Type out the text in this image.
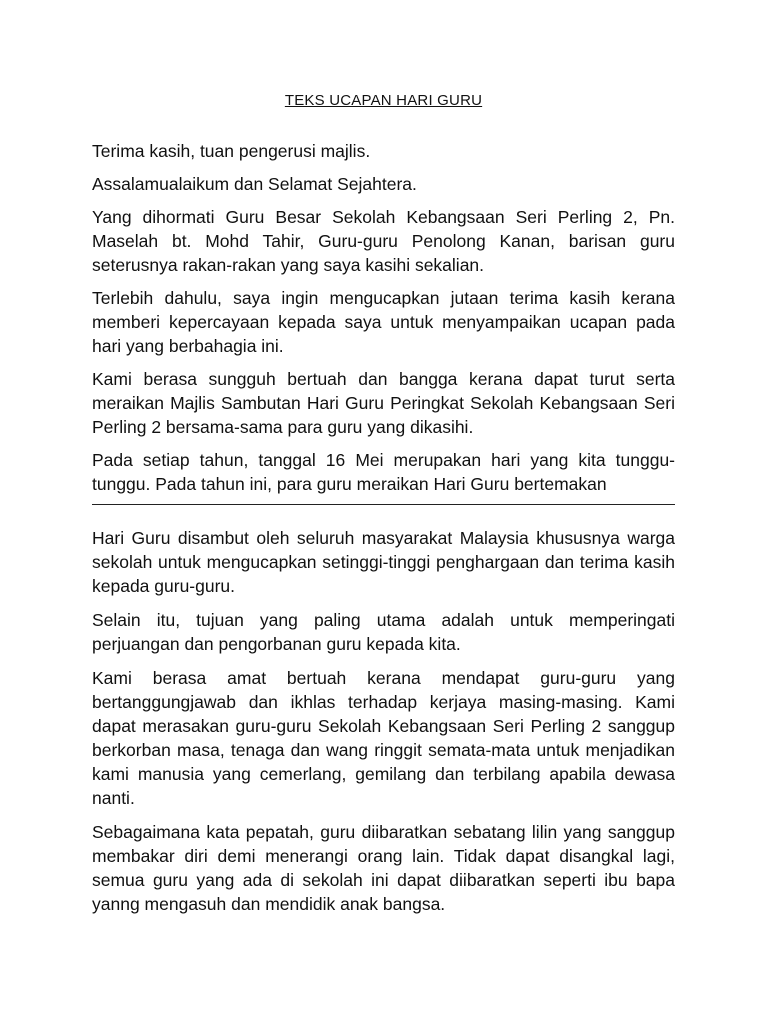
TEKS UCAPAN HARI GURU

Terima kasih, tuan pengerusi majlis.

Assalamualaikum dan Selamat Sejahtera.

Yang dihormati Guru Besar Sekolah Kebangsaan Seri Perling 2, Pn. Maselah bt. Mohd Tahir, Guru-guru Penolong Kanan, barisan guru seterusnya rakan-rakan yang saya kasihi sekalian.

Terlebih dahulu, saya ingin mengucapkan jutaan terima kasih kerana memberi kepercayaan kepada saya untuk menyampaikan ucapan pada hari yang berbahagia ini.

Kami berasa sungguh bertuah dan bangga kerana dapat turut serta meraikan Majlis Sambutan Hari Guru Peringkat Sekolah Kebangsaan Seri Perling 2 bersama-sama para guru yang dikasihi.

Pada setiap tahun, tanggal 16 Mei merupakan hari yang kita tunggu-tunggu. Pada tahun ini, para guru meraikan Hari Guru bertemakan

Hari Guru disambut oleh seluruh masyarakat Malaysia khususnya warga sekolah untuk mengucapkan setinggi-tinggi penghargaan dan terima kasih kepada guru-guru.

Selain itu, tujuan yang paling utama adalah untuk memperingati perjuangan dan pengorbanan guru kepada kita.

Kami berasa amat bertuah kerana mendapat guru-guru yang bertanggungjawab dan ikhlas terhadap kerjaya masing-masing. Kami dapat merasakan guru-guru Sekolah Kebangsaan Seri Perling 2 sanggup berkorban masa, tenaga dan wang ringgit semata-mata untuk menjadikan kami manusia yang cemerlang, gemilang dan terbilang apabila dewasa nanti.

Sebagaimana kata pepatah, guru diibaratkan sebatang lilin yang sanggup membakar diri demi menerangi orang lain. Tidak dapat disangkal lagi, semua guru yang ada di sekolah ini dapat diibaratkan seperti ibu bapa yanng mengasuh dan mendidik anak bangsa.
